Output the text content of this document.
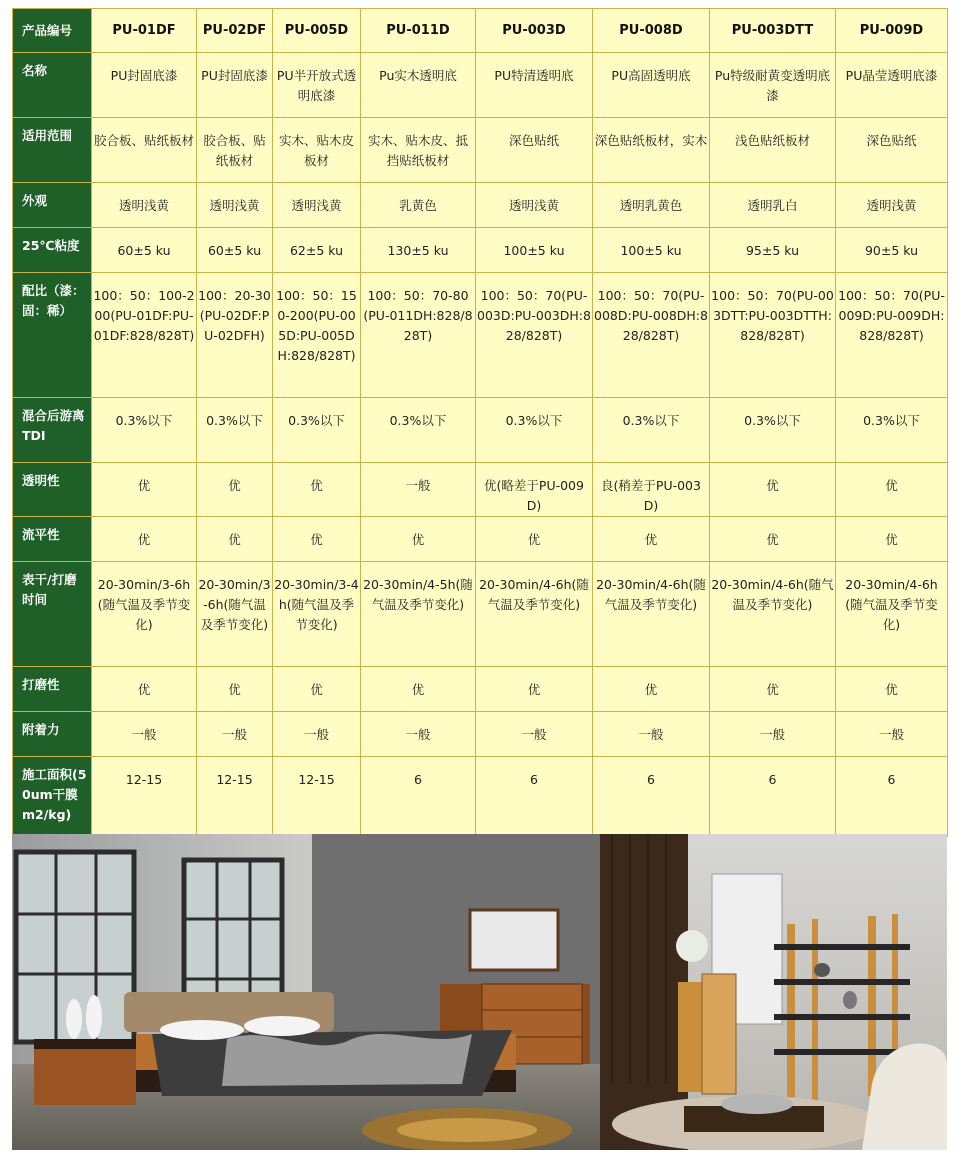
产品编号	PU-01DF	PU-02DF	PU-005D	PU-011D	PU-003D	PU-008D	PU-003DTT	PU-009D
名称	PU封固底漆	PU封固底漆	PU半开放式透明底漆	Pu实木透明底	PU特清透明底	PU高固透明底	Pu特级耐黄变透明底漆	PU晶莹透明底漆
适用范围	胶合板、贴纸板材	胶合板、贴纸板材	实木、贴木皮板材	实木、贴木皮、抵挡贴纸板材	深色贴纸	深色贴纸板材，实木	浅色贴纸板材	深色贴纸
外观	透明浅黄	透明浅黄	透明浅黄	乳黄色	透明浅黄	透明乳黄色	透明乳白	透明浅黄
25℃粘度	60±5 ku	60±5 ku	62±5 ku	130±5 ku	100±5 ku	100±5 ku	95±5 ku	90±5 ku
配比（漆：固：稀）	100：50：100-200(PU-01DF:PU-01DF:828/828T)	100：20-30(PU-02DF:PU-02DFH)	100：50：150-200(PU-005D:PU-005DH:828/828T)	100：50：70-80(PU-011DH:828/828T)	100：50：70(PU-003D:PU-003DH:828/828T)	100：50：70(PU-008D:PU-008DH:828/828T)	100：50：70(PU-003DTT:PU-003DTTH:828/828T)	100：50：70(PU-009D:PU-009DH:828/828T)
混合后游离TDI	0.3%以下	0.3%以下	0.3%以下	0.3%以下	0.3%以下	0.3%以下	0.3%以下	0.3%以下
透明性	优	优	优	一般	优(略差于PU-009D)	良(稍差于PU-003D)	优	优
流平性	优	优	优	优	优	优	优	优
表干/打磨时间	20-30min/3-6h(随气温及季节变化)	20-30min/3-6h(随气温及季节变化)	20-30min/3-4h(随气温及季节变化)	20-30min/4-5h(随气温及季节变化)	20-30min/4-6h(随气温及季节变化)	20-30min/4-6h(随气温及季节变化)	20-30min/4-6h(随气温及季节变化)	20-30min/4-6h(随气温及季节变化)
打磨性	优	优	优	优	优	优	优	优
附着力	一般	一般	一般	一般	一般	一般	一般	一般
施工面积(50um干膜m2/kg)	12-15	12-15	12-15	6	6	6	6	6
